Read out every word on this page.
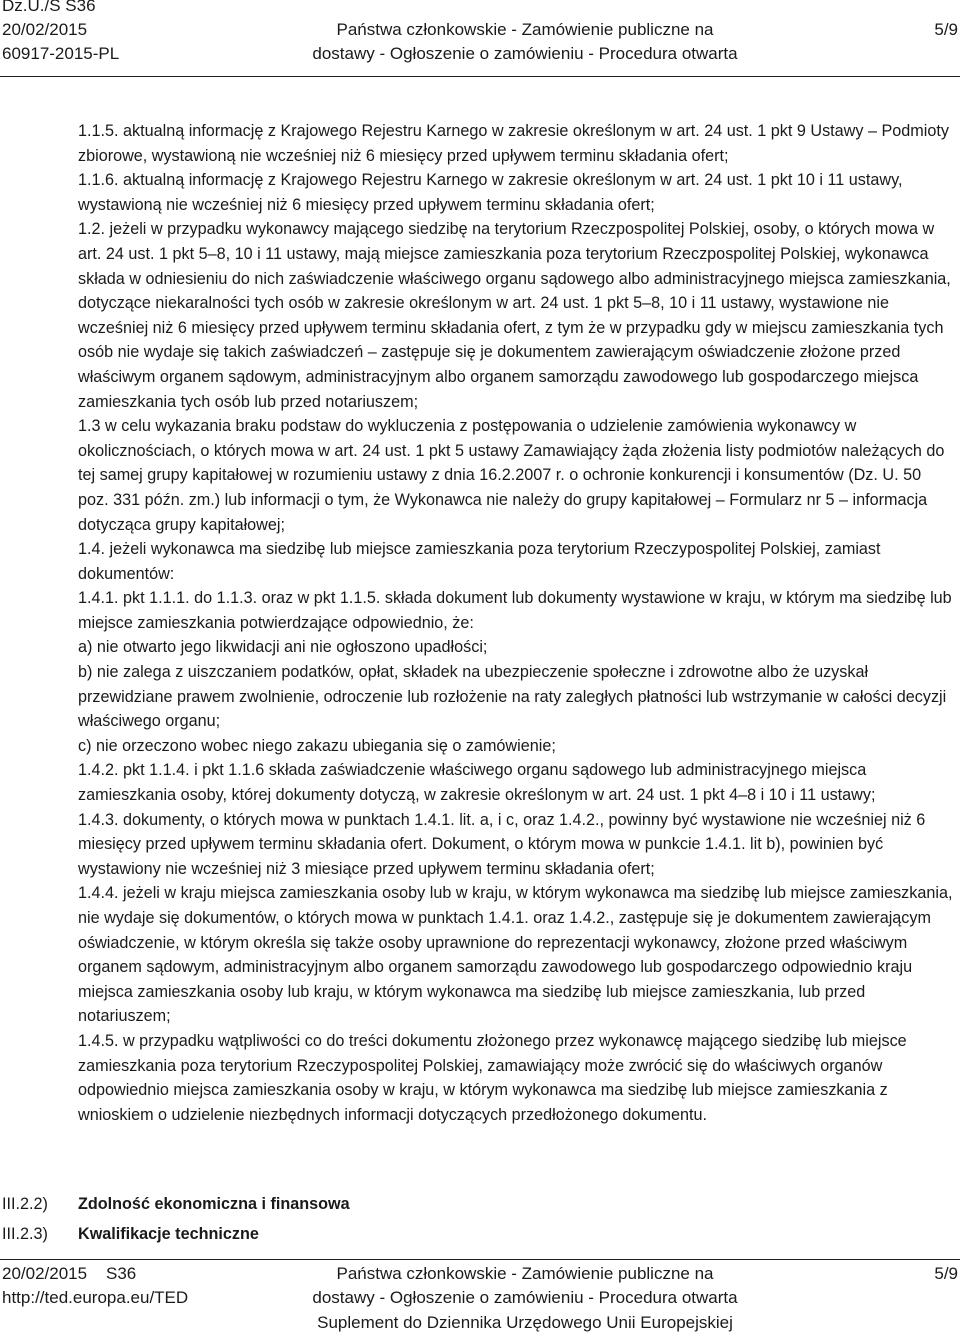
Dz.U./S S36
20/02/2015
60917-2015-PL
Państwa członkowskie - Zamówienie publiczne na
dostawy - Ogłoszenie o zamówieniu - Procedura otwarta
5/9

1.1.5. aktualną informację z Krajowego Rejestru Karnego w zakresie określonym w art. 24 ust. 1 pkt 9 Ustawy – Podmioty zbiorowe, wystawioną nie wcześniej niż 6 miesięcy przed upływem terminu składania ofert;

1.1.6. aktualną informację z Krajowego Rejestru Karnego w zakresie określonym w art. 24 ust. 1 pkt 10 i 11 ustawy, wystawioną nie wcześniej niż 6 miesięcy przed upływem terminu składania ofert;

1.2. jeżeli w przypadku wykonawcy mającego siedzibę na terytorium Rzeczpospolitej Polskiej, osoby, o których mowa w art. 24 ust. 1 pkt 5–8, 10 i 11 ustawy, mają miejsce zamieszkania poza terytorium Rzeczpospolitej Polskiej, wykonawca składa w odniesieniu do nich zaświadczenie właściwego organu sądowego albo administracyjnego miejsca zamieszkania, dotyczące niekaralności tych osób w zakresie określonym w art. 24 ust. 1 pkt 5–8, 10 i 11 ustawy, wystawione nie wcześniej niż 6 miesięcy przed upływem terminu składania ofert, z tym że w przypadku gdy w miejscu zamieszkania tych osób nie wydaje się takich zaświadczeń – zastępuje się je dokumentem zawierającym oświadczenie złożone przed właściwym organem sądowym, administracyjnym albo organem samorządu zawodowego lub gospodarczego miejsca zamieszkania tych osób lub przed notariuszem;

1.3 w celu wykazania braku podstaw do wykluczenia z postępowania o udzielenie zamówienia wykonawcy w okolicznościach, o których mowa w art. 24 ust. 1 pkt 5 ustawy Zamawiający żąda złożenia listy podmiotów należących do tej samej grupy kapitałowej w rozumieniu ustawy z dnia 16.2.2007 r. o ochronie konkurencji i konsumentów (Dz. U. 50 poz. 331 późn. zm.) lub informacji o tym, że Wykonawca nie należy do grupy kapitałowej – Formularz nr 5 – informacja dotycząca grupy kapitałowej;

1.4. jeżeli wykonawca ma siedzibę lub miejsce zamieszkania poza terytorium Rzeczypospolitej Polskiej, zamiast dokumentów:

1.4.1. pkt 1.1.1. do 1.1.3. oraz w pkt 1.1.5. składa dokument lub dokumenty wystawione w kraju, w którym ma siedzibę lub miejsce zamieszkania potwierdzające odpowiednio, że:

a) nie otwarto jego likwidacji ani nie ogłoszono upadłości;

b) nie zalega z uiszczaniem podatków, opłat, składek na ubezpieczenie społeczne i zdrowotne albo że uzyskał przewidziane prawem zwolnienie, odroczenie lub rozłożenie na raty zaległych płatności lub wstrzymanie w całości decyzji właściwego organu;

c) nie orzeczono wobec niego zakazu ubiegania się o zamówienie;

1.4.2. pkt 1.1.4. i pkt 1.1.6 składa zaświadczenie właściwego organu sądowego lub administracyjnego miejsca zamieszkania osoby, której dokumenty dotyczą, w zakresie określonym w art. 24 ust. 1 pkt 4–8 i 10 i 11 ustawy;

1.4.3. dokumenty, o których mowa w punktach 1.4.1. lit. a, i c, oraz 1.4.2., powinny być wystawione nie wcześniej niż 6 miesięcy przed upływem terminu składania ofert. Dokument, o którym mowa w punkcie 1.4.1. lit b), powinien być wystawiony nie wcześniej niż 3 miesiące przed upływem terminu składania ofert;

1.4.4. jeżeli w kraju miejsca zamieszkania osoby lub w kraju, w którym wykonawca ma siedzibę lub miejsce zamieszkania, nie wydaje się dokumentów, o których mowa w punktach 1.4.1. oraz 1.4.2., zastępuje się je dokumentem zawierającym oświadczenie, w którym określa się także osoby uprawnione do reprezentacji wykonawcy, złożone przed właściwym organem sądowym, administracyjnym albo organem samorządu zawodowego lub gospodarczego odpowiednio kraju miejsca zamieszkania osoby lub kraju, w którym wykonawca ma siedzibę lub miejsce zamieszkania, lub przed notariuszem;

1.4.5. w przypadku wątpliwości co do treści dokumentu złożonego przez wykonawcę mającego siedzibę lub miejsce zamieszkania poza terytorium Rzeczypospolitej Polskiej, zamawiający może zwrócić się do właściwych organów odpowiednio miejsca zamieszkania osoby w kraju, w którym wykonawca ma siedzibę lub miejsce zamieszkania z wnioskiem o udzielenie niezbędnych informacji dotyczących przedłożonego dokumentu.

III.2.2) Zdolność ekonomiczna i finansowa
III.2.3) Kwalifikacje techniczne
20/02/2015 S36
http://ted.europa.eu/TED
Państwa członkowskie - Zamówienie publiczne na
dostawy - Ogłoszenie o zamówieniu - Procedura otwarta
5/9
Suplement do Dziennika Urzędowego Unii Europejskiej
